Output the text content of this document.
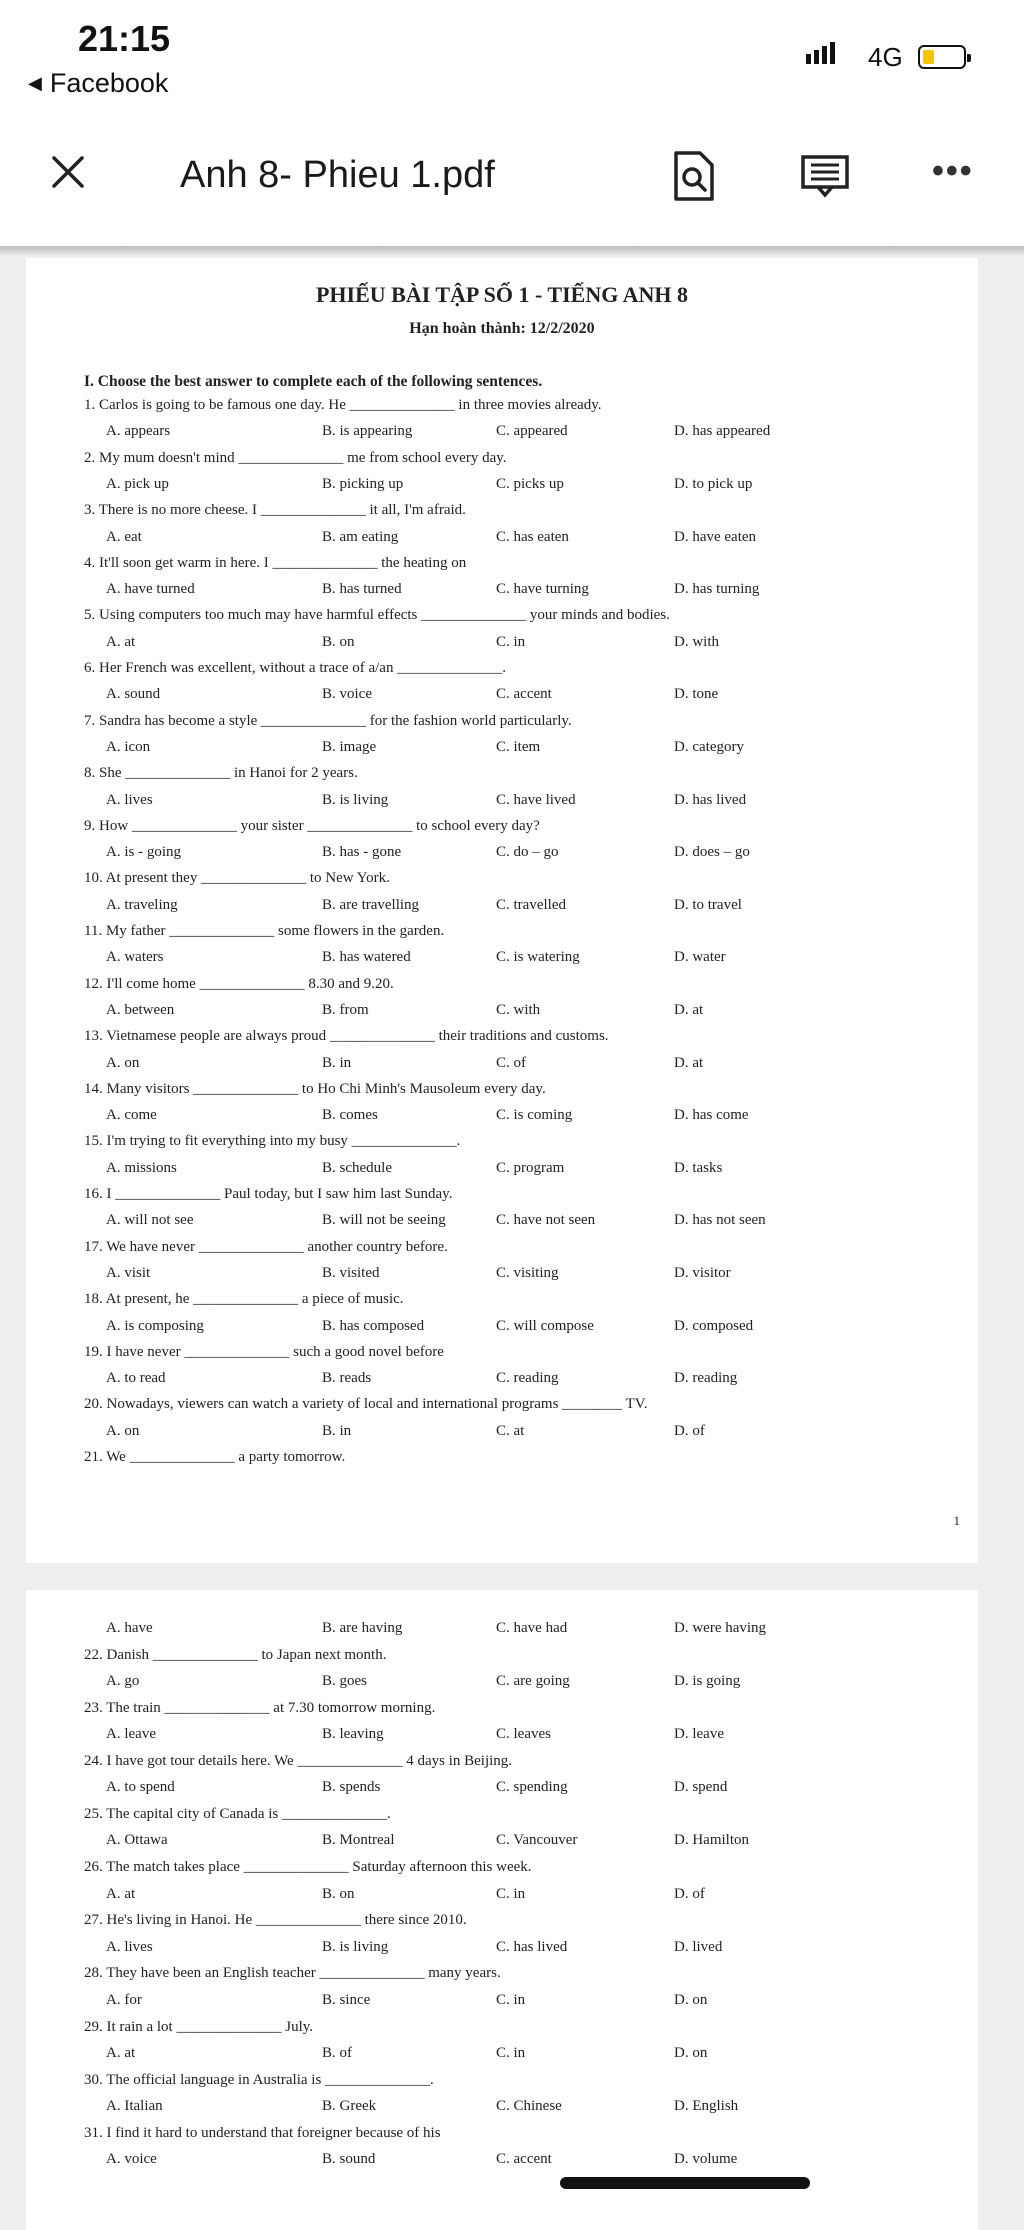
21:15
◀ Facebook
4G
Anh 8- Phieu 1.pdf	•••
PHIẾU BÀI TẬP SỐ 1 - TIẾNG ANH 8
Hạn hoàn thành: 12/2/2020
I. Choose the best answer to complete each of the following sentences.
1. Carlos is going to be famous one day. He ______________ in three movies already.
A. appears	B. is appearing	C. appeared	D. has appeared
2. My mum doesn't mind ______________ me from school every day.
A. pick up	B. picking up	C. picks up	D. to pick up
3. There is no more cheese. I ______________ it all, I'm afraid.
A. eat	B. am eating	C. has eaten	D. have eaten
4. It'll soon get warm in here. I ______________ the heating on
A. have turned	B. has turned	C. have turning	D. has turning
5. Using computers too much may have harmful effects ______________ your minds and bodies.
A. at	B. on	C. in	D. with
6. Her French was excellent, without a trace of a/an ______________.
A. sound	B. voice	C. accent	D. tone
7. Sandra has become a style ______________ for the fashion world particularly.
A. icon	B. image	C. item	D. category
8. She ______________ in Hanoi for 2 years.
A. lives	B. is living	C. have lived	D. has lived
9. How ______________ your sister ______________ to school every day?
A. is - going	B. has - gone	C. do – go	D. does – go
10. At present they ______________ to New York.
A. traveling	B. are travelling	C. travelled	D. to travel
11. My father ______________ some flowers in the garden.
A. waters	B. has watered	C. is watering	D. water
12. I'll come home ______________ 8.30 and 9.20.
A. between	B. from	C. with	D. at
13. Vietnamese people are always proud ______________ their traditions and customs.
A. on	B. in	C. of	D. at
14. Many visitors ______________ to Ho Chi Minh's Mausoleum every day.
A. come	B. comes	C. is coming	D. has come
15. I'm trying to fit everything into my busy ______________.
A. missions	B. schedule	C. program	D. tasks
16. I ______________ Paul today, but I saw him last Sunday.
A. will not see	B. will not be seeing	C. have not seen	D. has not seen
17. We have never ______________ another country before.
A. visit	B. visited	C. visiting	D. visitor
18. At present, he ______________ a piece of music.
A. is composing	B. has composed	C. will compose	D. composed
19. I have never ______________ such a good novel before
A. to read	B. reads	C. reading	D. reading
20. Nowadays, viewers can watch a variety of local and international programs ________ TV.
A. on	B. in	C. at	D. of
21. We ______________ a party tomorrow.
1
A. have	B. are having	C. have had	D. were having
22. Danish ______________ to Japan next month.
A. go	B. goes	C. are going	D. is going
23. The train ______________ at 7.30 tomorrow morning.
A. leave	B. leaving	C. leaves	D. leave
24. I have got tour details here. We ______________ 4 days in Beijing.
A. to spend	B. spends	C. spending	D. spend
25. The capital city of Canada is ______________.
A. Ottawa	B. Montreal	C. Vancouver	D. Hamilton
26. The match takes place ______________ Saturday afternoon this week.
A. at	B. on	C. in	D. of
27. He's living in Hanoi. He ______________ there since 2010.
A. lives	B. is living	C. has lived	D. lived
28. They have been an English teacher ______________ many years.
A. for	B. since	C. in	D. on
29. It rain a lot ______________ July.
A. at	B. of	C. in	D. on
30. The official language in Australia is ______________.
A. Italian	B. Greek	C. Chinese	D. English
31. I find it hard to understand that foreigner because of his
A. voice	B. sound	C. accent	D. volume
